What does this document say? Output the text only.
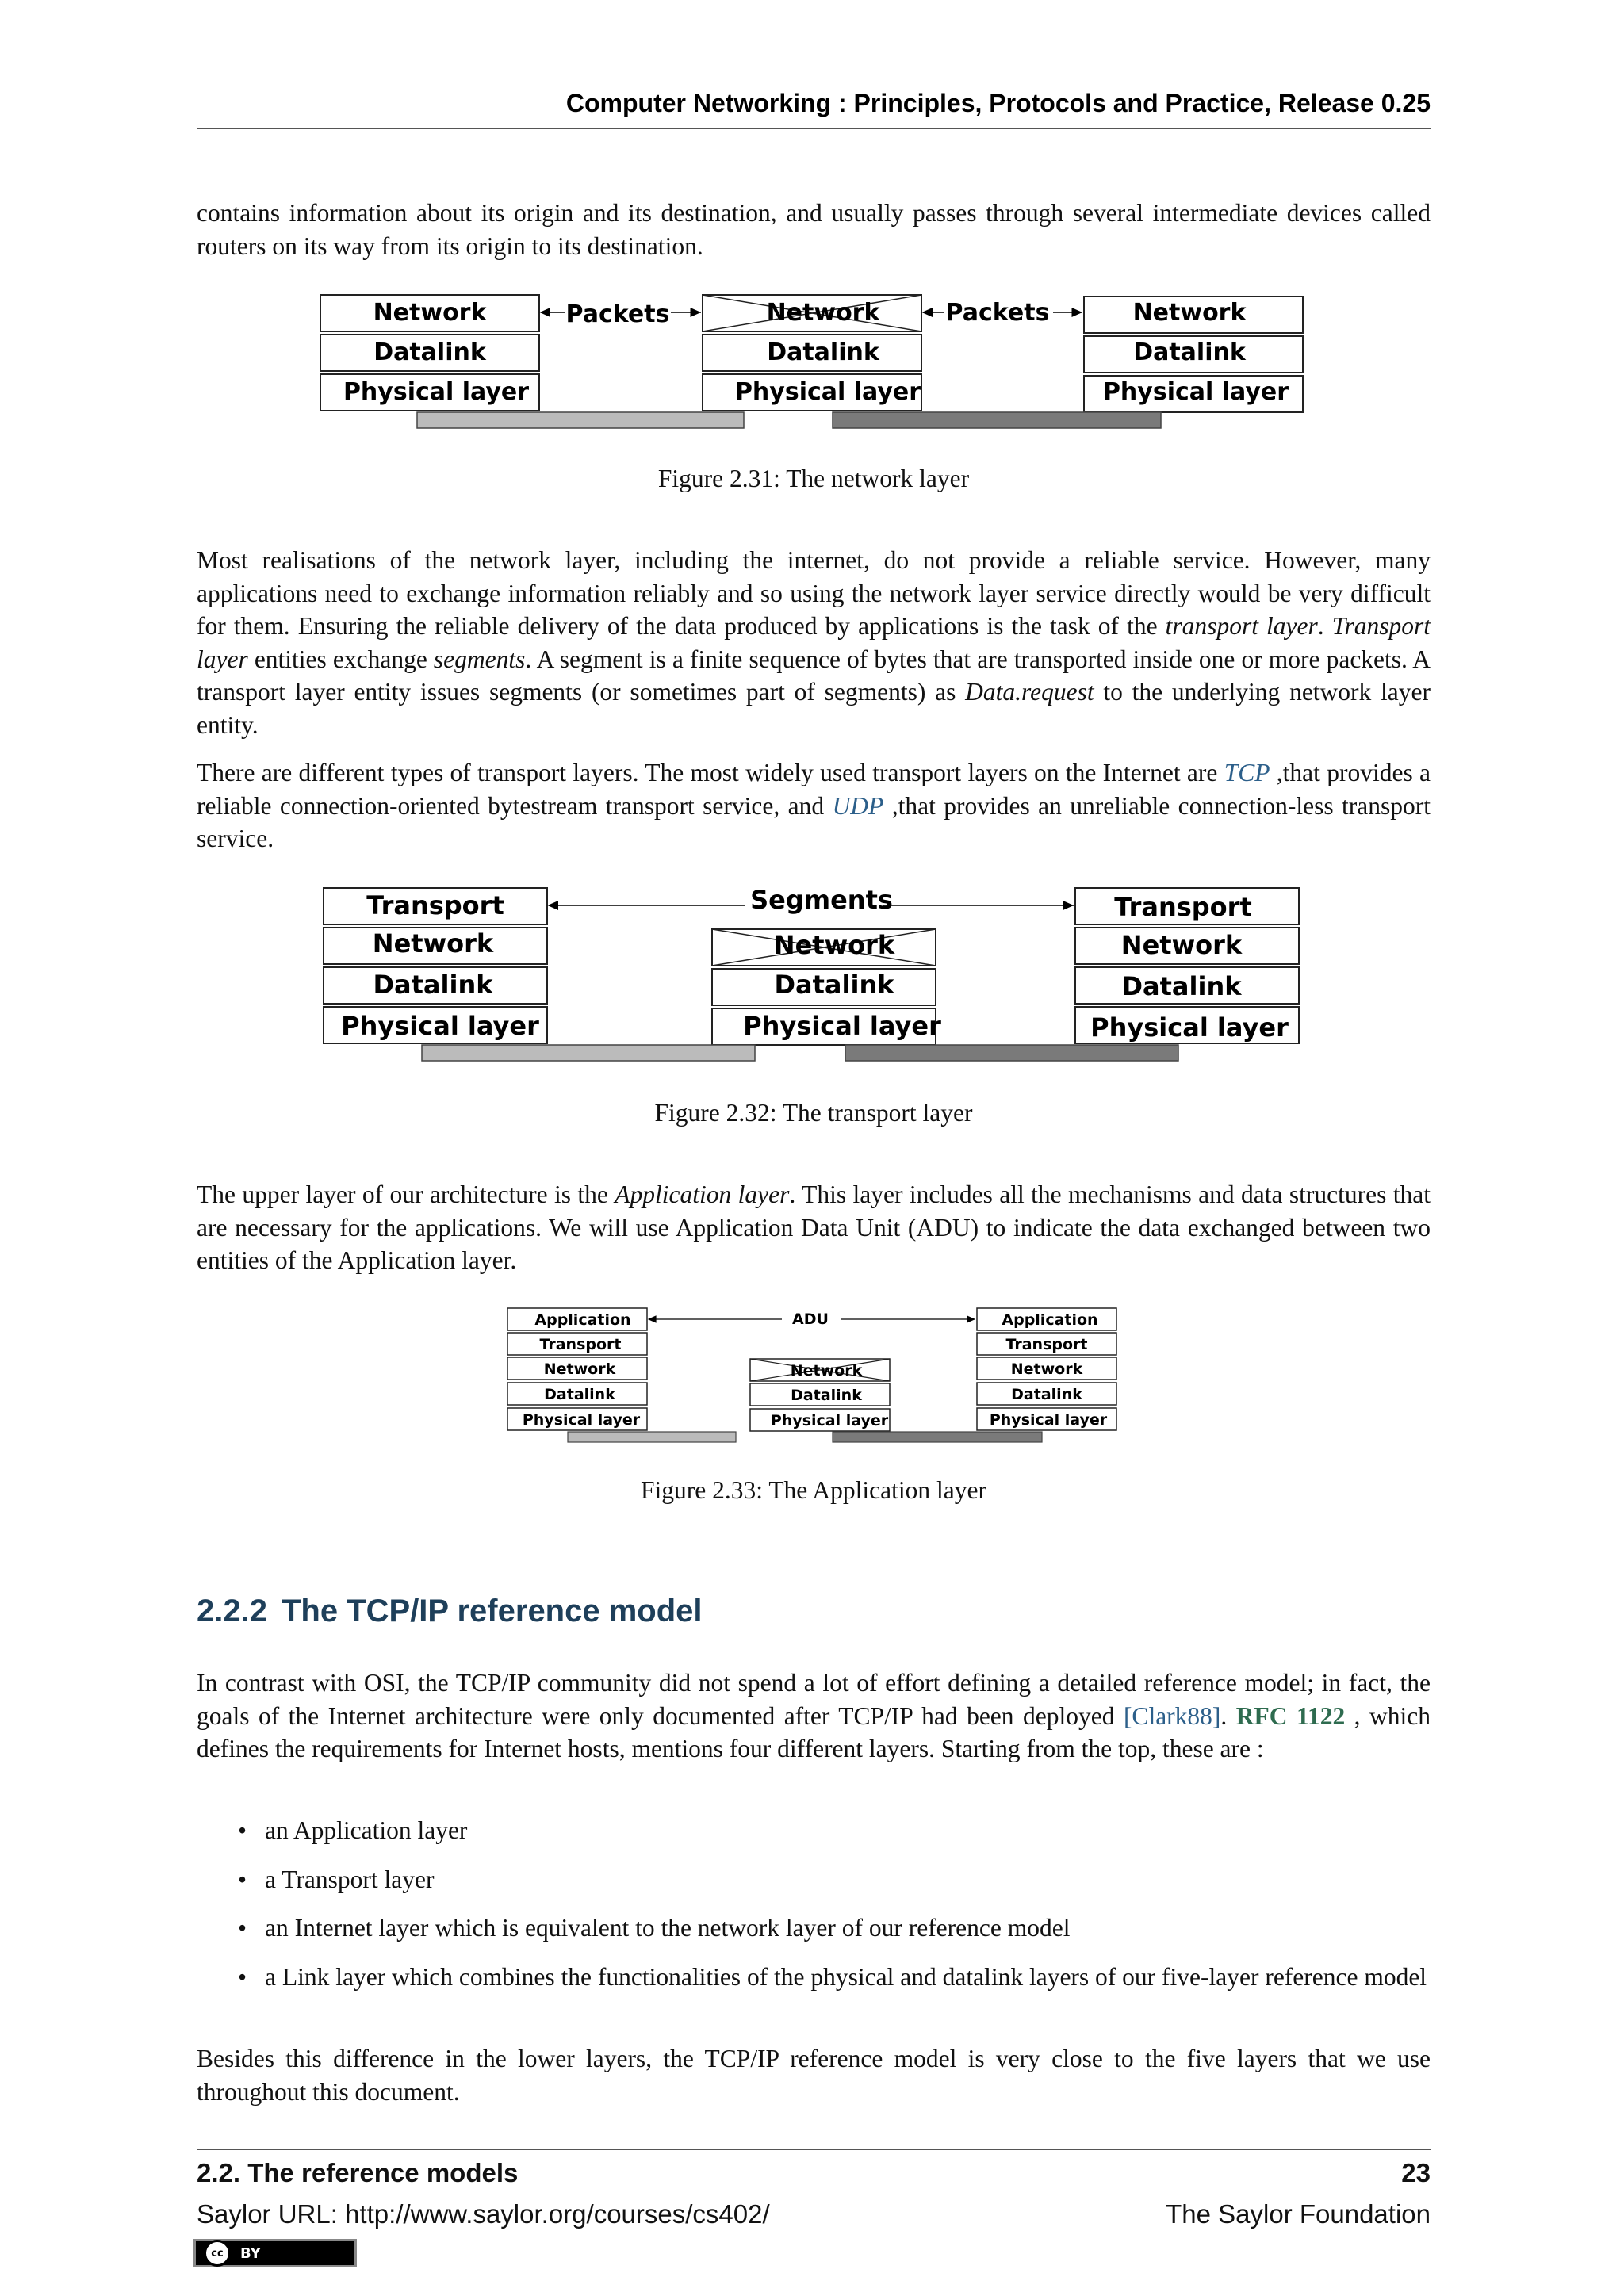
Computer Networking : Principles, Protocols and Practice, Release 0.25

contains information about its origin and its destination, and usually passes through several intermediate devices called routers on its way from its origin to its destination.

Network
Datalink
Physical layer
Network
Datalink
Physical layer
Network
Datalink
Physical layer
Packets	Packets
Figure 2.31: The network layer

Most realisations of the network layer, including the internet, do not provide a reliable service. However, many applications need to exchange information reliably and so using the network layer service directly would be very difficult for them. Ensuring the reliable delivery of the data produced by applications is the task of the transport layer. Transport layer entities exchange segments. A segment is a finite sequence of bytes that are transported inside one or more packets. A transport layer entity issues segments (or sometimes part of segments) as Data.request to the underlying network layer entity.

There are different types of transport layers. The most widely used transport layers on the Internet are TCP ,that provides a reliable connection-oriented bytestream transport service, and UDP ,that provides an unreliable connection-less transport service.

Transport
Network
Datalink
Physical layer
Network
Datalink
Physical layer
Transport
Network
Datalink
Physical layer
Segments
Figure 2.32: The transport layer

The upper layer of our architecture is the Application layer. This layer includes all the mechanisms and data structures that are necessary for the applications. We will use Application Data Unit (ADU) to indicate the data exchanged between two entities of the Application layer.

Application
Transport
Network
Datalink
Physical layer
Network
Datalink
Physical layer
Application
Transport
Network
Datalink
Physical layer
ADU
Figure 2.33: The Application layer
2.2.2 The TCP/IP reference model

In contrast with OSI, the TCP/IP community did not spend a lot of effort defining a detailed reference model; in fact, the goals of the Internet architecture were only documented after TCP/IP had been deployed [Clark88]. RFC 1122 , which defines the requirements for Internet hosts, mentions four different layers. Starting from the top, these are :

• an Application layer
• a Transport layer
• an Internet layer which is equivalent to the network layer of our reference model
• a Link layer which combines the functionalities of the physical and datalink layers of our five-layer reference model

Besides this difference in the lower layers, the TCP/IP reference model is very close to the five layers that we use throughout this document.

2.2. The reference models	23
Saylor URL: http://www.saylor.org/courses/cs402/	The Saylor Foundation
cc	BY
